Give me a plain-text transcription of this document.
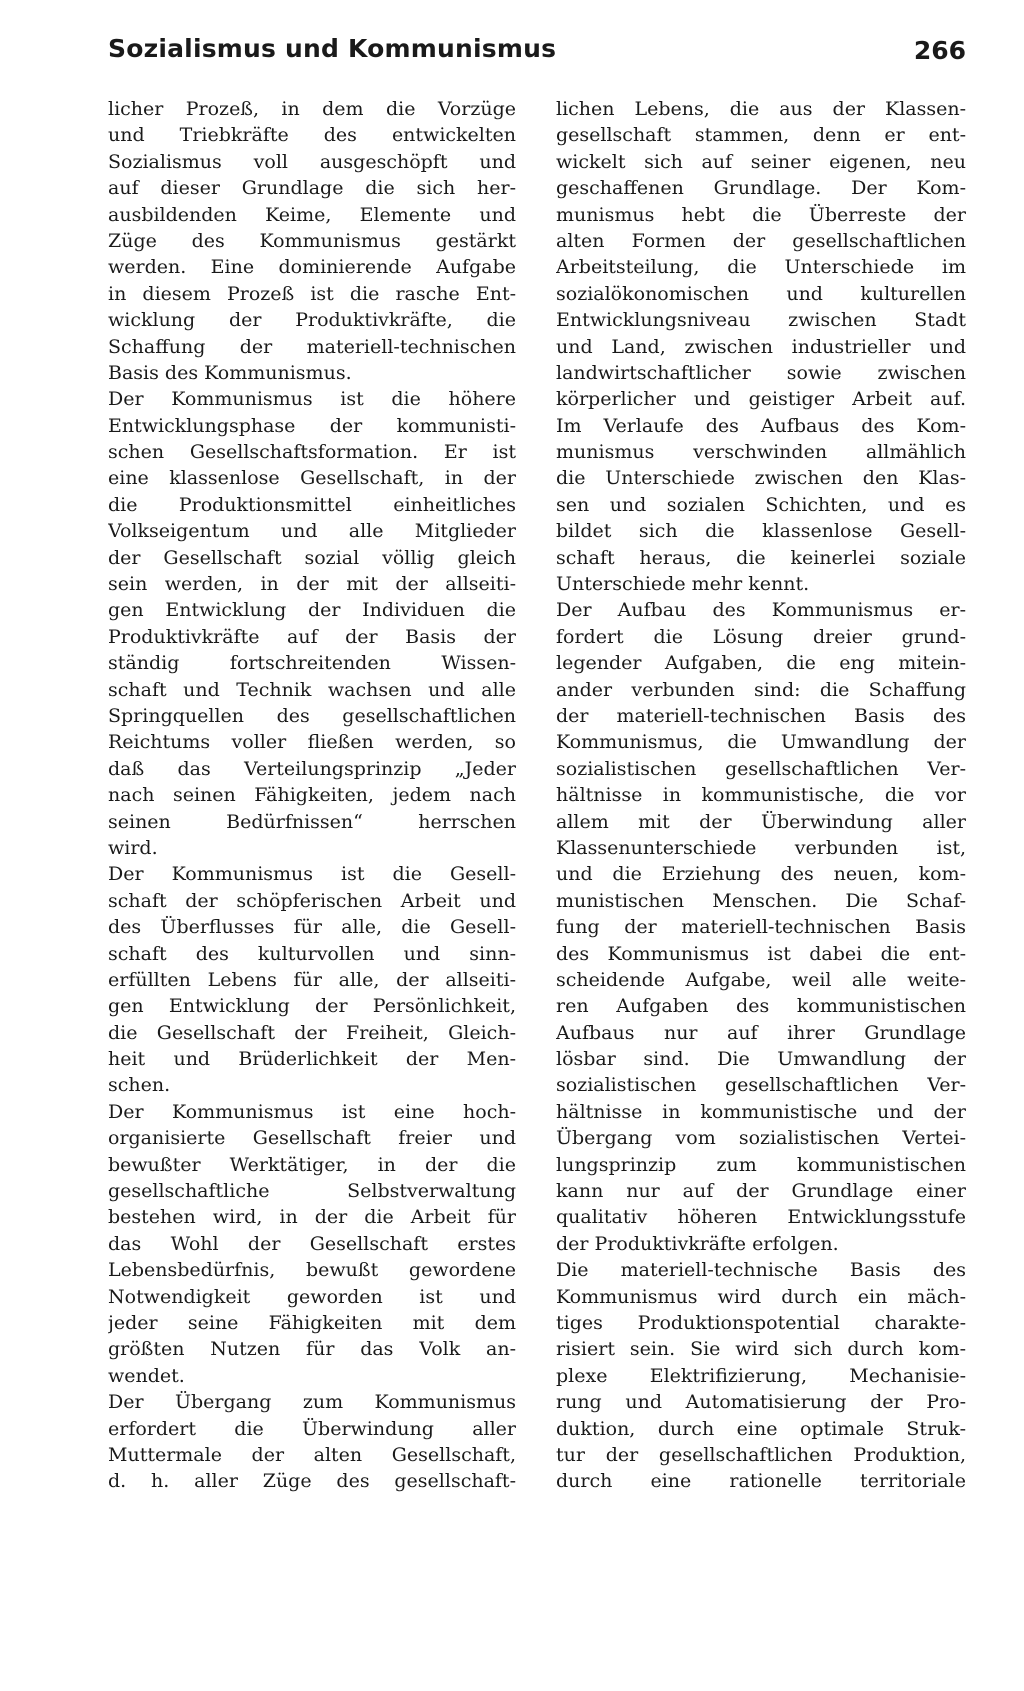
Sozialismus und Kommunismus	266

licher Prozeß, in dem die Vorzüge
und Triebkräfte des entwickelten
Sozialismus voll ausgeschöpft und
auf dieser Grundlage die sich her-
ausbildenden Keime, Elemente und
Züge des Kommunismus gestärkt
werden. Eine dominierende Aufgabe
in diesem Prozeß ist die rasche Ent-
wicklung der Produktivkräfte, die
Schaffung der materiell-technischen
Basis des Kommunismus.

Der Kommunismus ist die höhere
Entwicklungsphase der kommunisti-
schen Gesellschaftsformation. Er ist
eine klassenlose Gesellschaft, in der
die Produktionsmittel einheitliches
Volkseigentum und alle Mitglieder
der Gesellschaft sozial völlig gleich
sein werden, in der mit der allseiti-
gen Entwicklung der Individuen die
Produktivkräfte auf der Basis der
ständig fortschreitenden Wissen-
schaft und Technik wachsen und alle
Springquellen des gesellschaftlichen
Reichtums voller fließen werden, so
daß das Verteilungsprinzip „Jeder
nach seinen Fähigkeiten, jedem nach
seinen Bedürfnissen“ herrschen
wird.

Der Kommunismus ist die Gesell-
schaft der schöpferischen Arbeit und
des Überflusses für alle, die Gesell-
schaft des kulturvollen und sinn-
erfüllten Lebens für alle, der allseiti-
gen Entwicklung der Persönlichkeit,
die Gesellschaft der Freiheit, Gleich-
heit und Brüderlichkeit der Men-
schen.

Der Kommunismus ist eine hoch-
organisierte Gesellschaft freier und
bewußter Werktätiger, in der die
gesellschaftliche Selbstverwaltung
bestehen wird, in der die Arbeit für
das Wohl der Gesellschaft erstes
Lebensbedürfnis, bewußt gewordene
Notwendigkeit geworden ist und
jeder seine Fähigkeiten mit dem
größten Nutzen für das Volk an-
wendet.

Der Übergang zum Kommunismus
erfordert die Überwindung aller
Muttermale der alten Gesellschaft,
d. h. aller Züge des gesellschaft-

lichen Lebens, die aus der Klassen-
gesellschaft stammen, denn er ent-
wickelt sich auf seiner eigenen, neu
geschaffenen Grundlage. Der Kom-
munismus hebt die Überreste der
alten Formen der gesellschaftlichen
Arbeitsteilung, die Unterschiede im
sozialökonomischen und kulturellen
Entwicklungsniveau zwischen Stadt
und Land, zwischen industrieller und
landwirtschaftlicher sowie zwischen
körperlicher und geistiger Arbeit auf.
Im Verlaufe des Aufbaus des Kom-
munismus verschwinden allmählich
die Unterschiede zwischen den Klas-
sen und sozialen Schichten, und es
bildet sich die klassenlose Gesell-
schaft heraus, die keinerlei soziale
Unterschiede mehr kennt.

Der Aufbau des Kommunismus er-
fordert die Lösung dreier grund-
legender Aufgaben, die eng mitein-
ander verbunden sind: die Schaffung
der materiell-technischen Basis des
Kommunismus, die Umwandlung der
sozialistischen gesellschaftlichen Ver-
hältnisse in kommunistische, die vor
allem mit der Überwindung aller
Klassenunterschiede verbunden ist,
und die Erziehung des neuen, kom-
munistischen Menschen. Die Schaf-
fung der materiell-technischen Basis
des Kommunismus ist dabei die ent-
scheidende Aufgabe, weil alle weite-
ren Aufgaben des kommunistischen
Aufbaus nur auf ihrer Grundlage
lösbar sind. Die Umwandlung der
sozialistischen gesellschaftlichen Ver-
hältnisse in kommunistische und der
Übergang vom sozialistischen Vertei-
lungsprinzip zum kommunistischen
kann nur auf der Grundlage einer
qualitativ höheren Entwicklungsstufe
der Produktivkräfte erfolgen.

Die materiell-technische Basis des
Kommunismus wird durch ein mäch-
tiges Produktionspotential charakte-
risiert sein. Sie wird sich durch kom-
plexe Elektrifizierung, Mechanisie-
rung und Automatisierung der Pro-
duktion, durch eine optimale Struk-
tur der gesellschaftlichen Produktion,
durch eine rationelle territoriale
